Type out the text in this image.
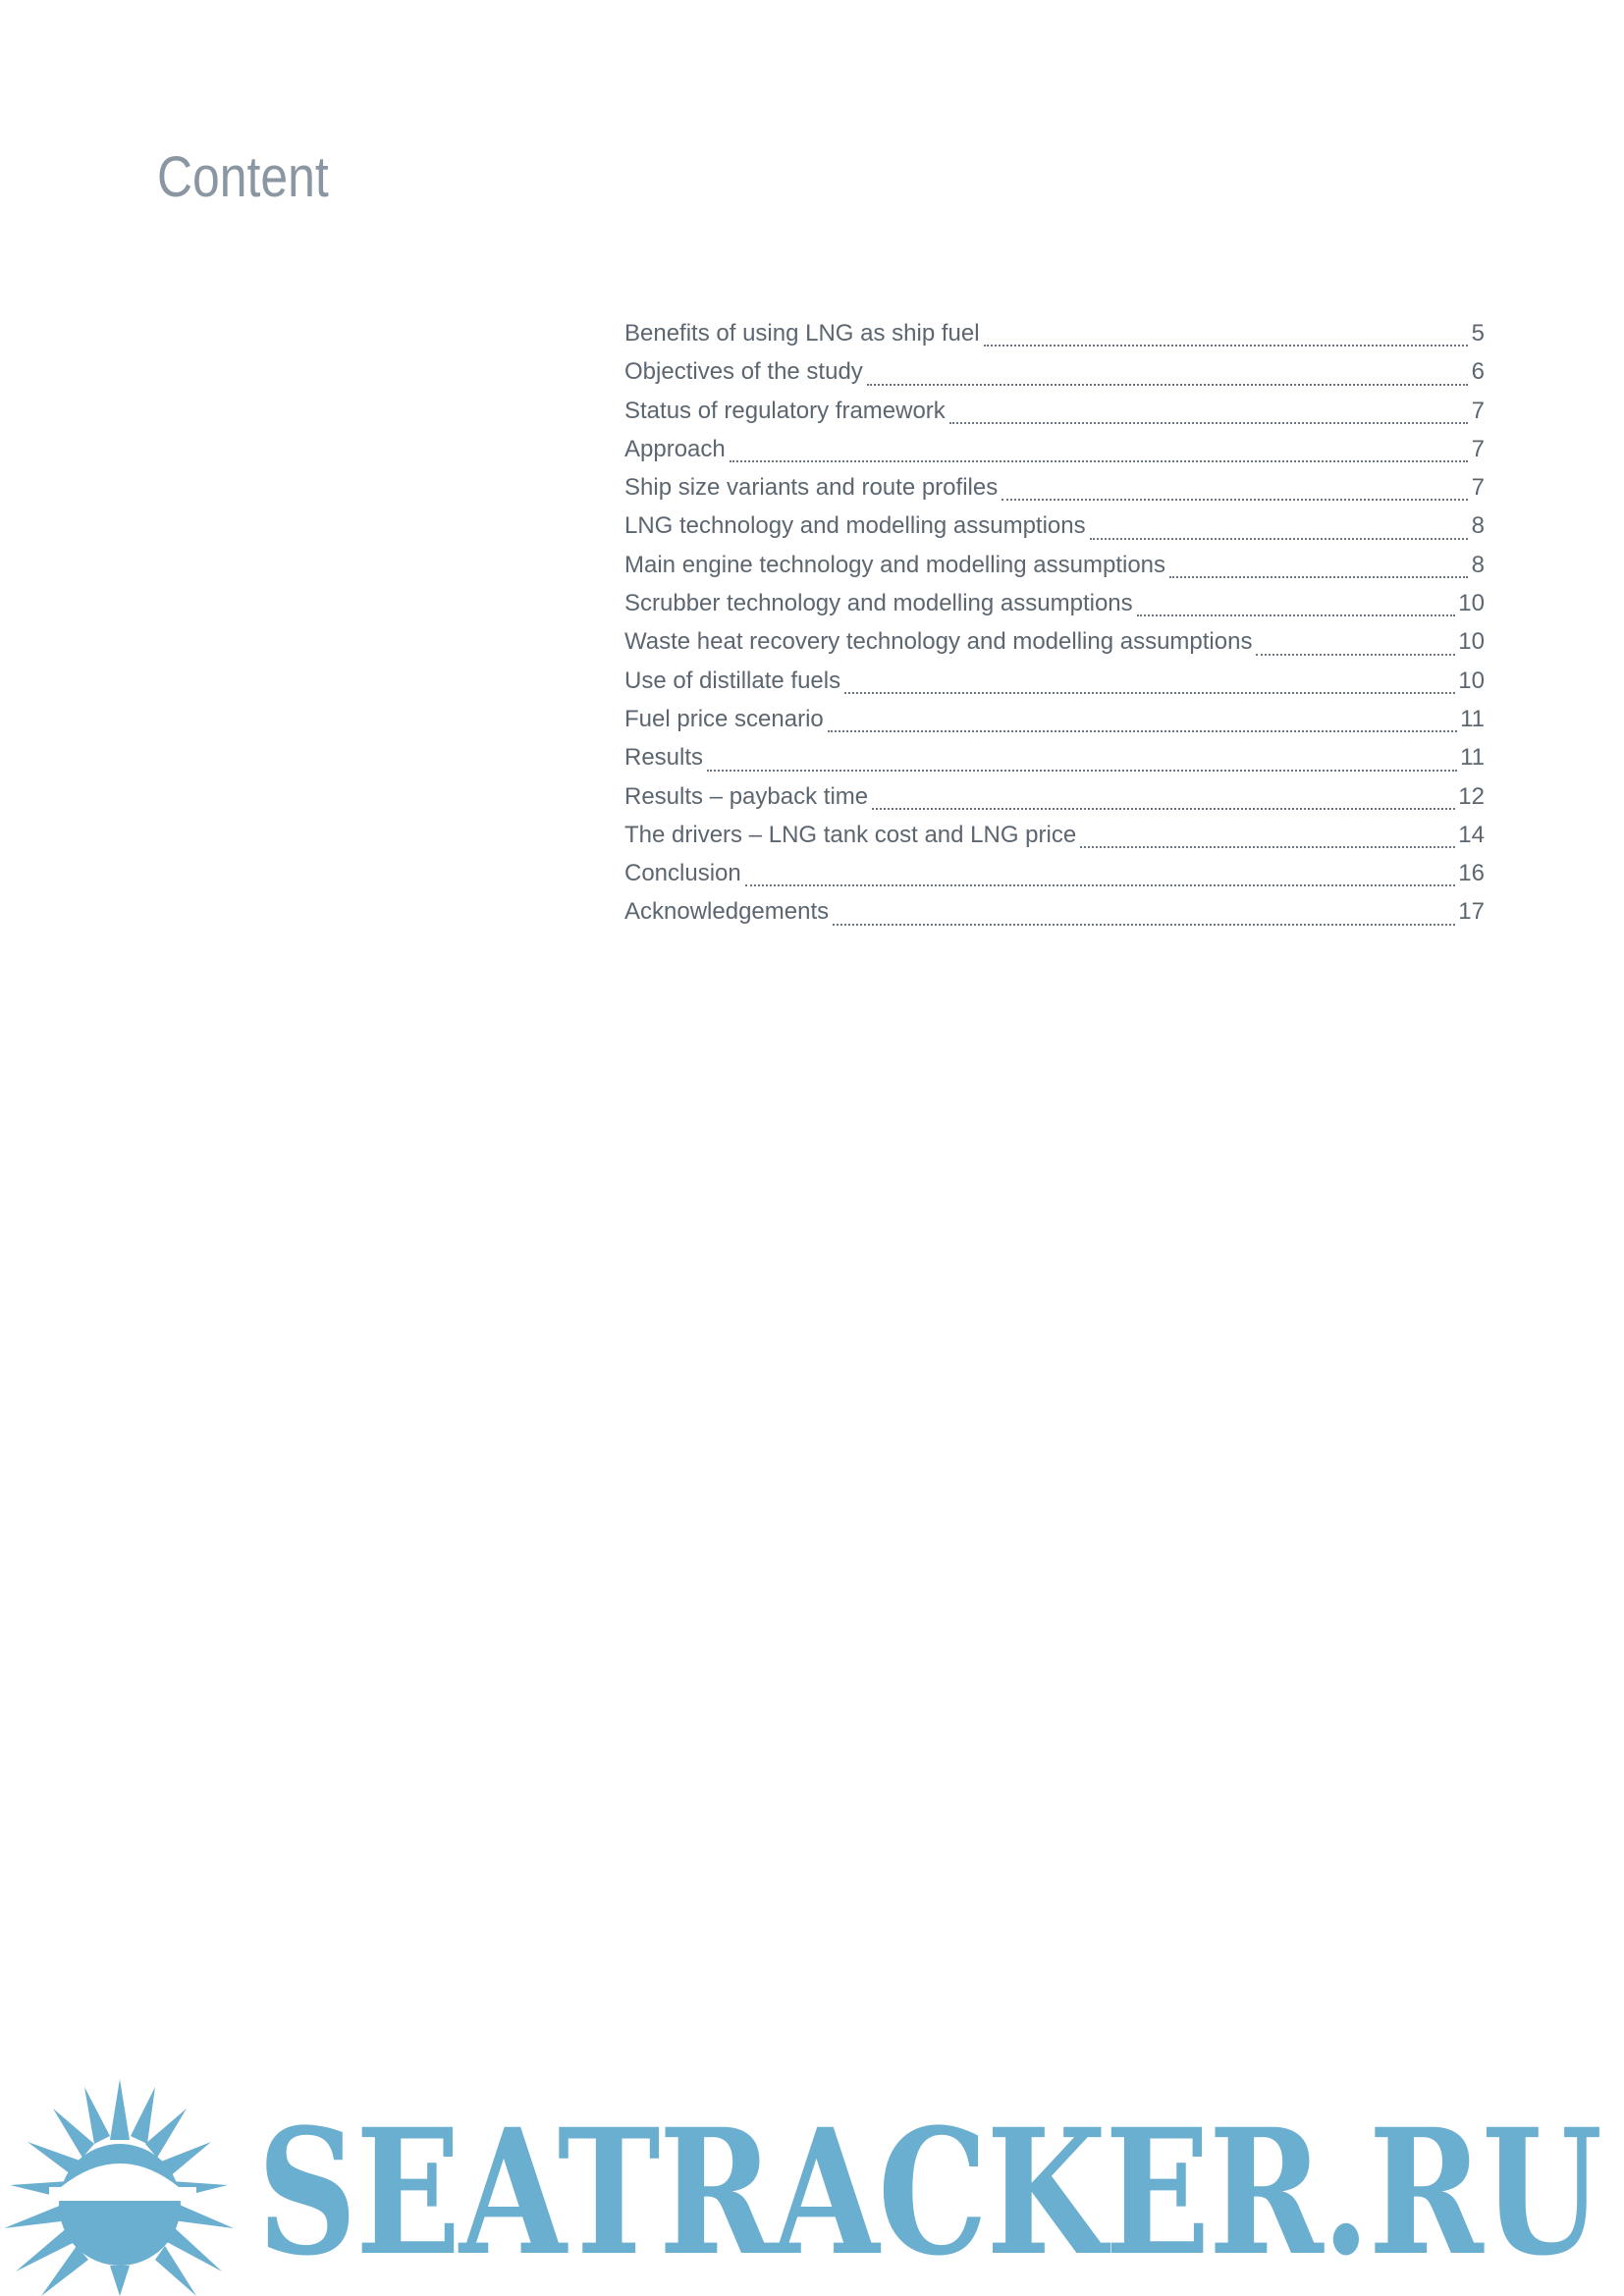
Content
Benefits of using LNG as ship fuel	5
Objectives of the study	6
Status of regulatory framework	7
Approach	7
Ship size variants and route profiles	7
LNG technology and modelling assumptions	8
Main engine technology and modelling assumptions	8
Scrubber technology and modelling assumptions	10
Waste heat recovery technology and modelling assumptions	10
Use of distillate fuels	10
Fuel price scenario	11
Results	11
Results – payback time	12
The drivers – LNG tank cost and LNG price	14
Conclusion	16
Acknowledgements	17
SEATRACKER.RU
